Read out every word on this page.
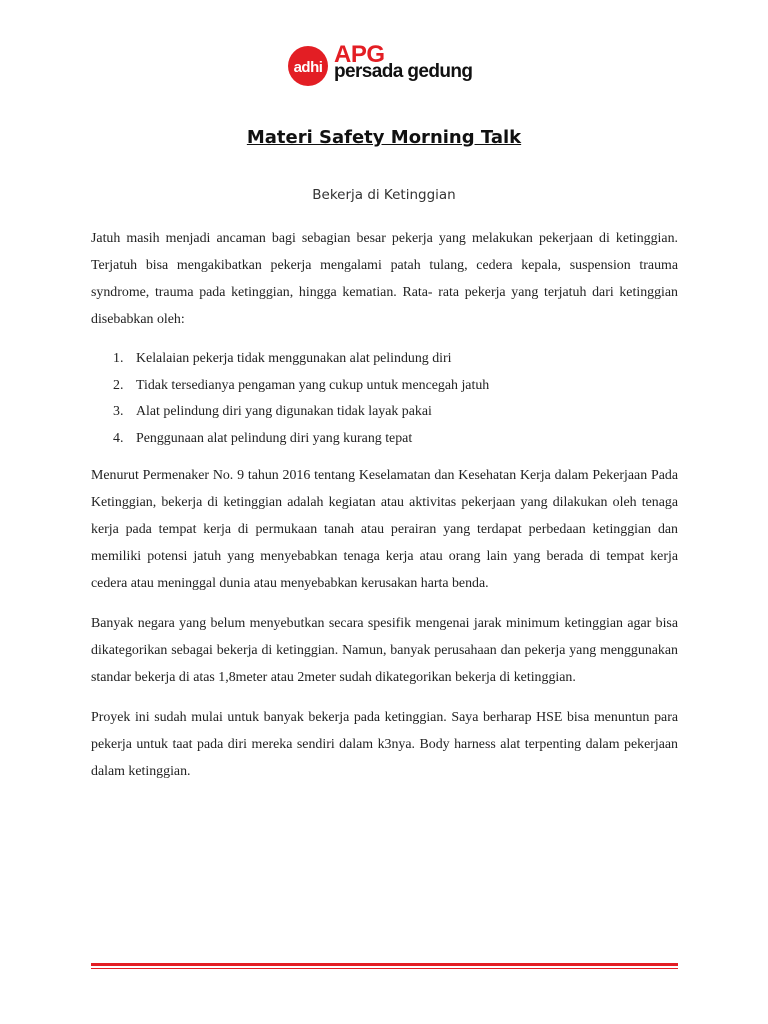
adhi APG
persada gedung
Materi Safety Morning Talk
Bekerja di Ketinggian

Jatuh masih menjadi ancaman bagi sebagian besar pekerja yang melakukan pekerjaan di ketinggian. Terjatuh bisa mengakibatkan pekerja mengalami patah tulang, cedera kepala, suspension trauma syndrome, trauma pada ketinggian, hingga kematian. Rata- rata pekerja yang terjatuh dari ketinggian disebabkan oleh:

1. Kelalaian pekerja tidak menggunakan alat pelindung diri
2. Tidak tersedianya pengaman yang cukup untuk mencegah jatuh
3. Alat pelindung diri yang digunakan tidak layak pakai
4. Penggunaan alat pelindung diri yang kurang tepat

Menurut Permenaker No. 9 tahun 2016 tentang Keselamatan dan Kesehatan Kerja dalam Pekerjaan Pada Ketinggian, bekerja di ketinggian adalah kegiatan atau aktivitas pekerjaan yang dilakukan oleh tenaga kerja pada tempat kerja di permukaan tanah atau perairan yang terdapat perbedaan ketinggian dan memiliki potensi jatuh yang menyebabkan tenaga kerja atau orang lain yang berada di tempat kerja cedera atau meninggal dunia atau menyebabkan kerusakan harta benda.

Banyak negara yang belum menyebutkan secara spesifik mengenai jarak minimum ketinggian agar bisa dikategorikan sebagai bekerja di ketinggian. Namun, banyak perusahaan dan pekerja yang menggunakan standar bekerja di atas 1,8meter atau 2meter sudah dikategorikan bekerja di ketinggian.

Proyek ini sudah mulai untuk banyak bekerja pada ketinggian. Saya berharap HSE bisa menuntun para pekerja untuk taat pada diri mereka sendiri dalam k3nya. Body harness alat terpenting dalam pekerjaan dalam ketinggian.
